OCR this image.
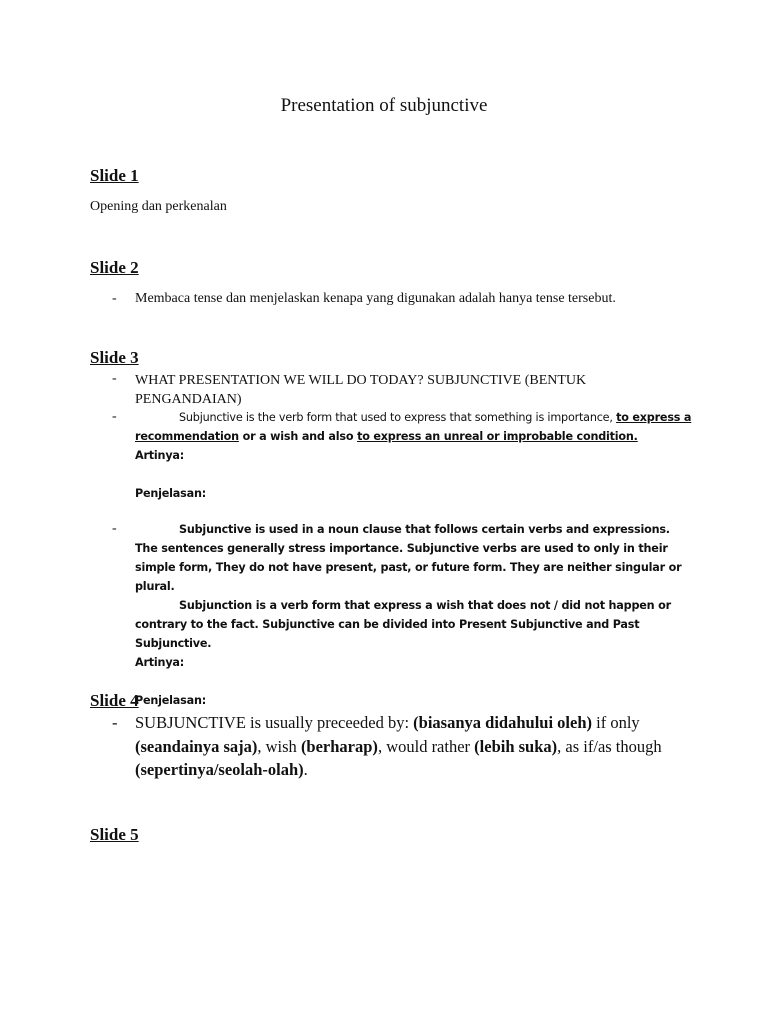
Presentation of subjunctive
Slide 1
Opening dan perkenalan
Slide 2
- Membaca tense dan menjelaskan kenapa yang digunakan adalah hanya tense tersebut.
Slide 3
- WHAT PRESENTATION WE WILL DO TODAY? SUBJUNCTIVE (BENTUK PENGANDAIAN)
-	Subjunctive is the verb form that used to express that something is importance, to express a recommendation or a wish and also to express an unreal or improbable condition.
Artinya:
Penjelasan:
-	Subjunctive is used in a noun clause that follows certain verbs and expressions. The sentences generally stress importance. Subjunctive verbs are used to only in their simple form, They do not have present, past, or future form. They are neither singular or plural.
Subjunction is a verb form that express a wish that does not / did not happen or contrary to the fact. Subjunctive can be divided into Present Subjunctive and Past Subjunctive.
Artinya:
Penjelasan:
Slide 4
- SUBJUNCTIVE is usually preceeded by: (biasanya didahului oleh) if only (seandainya saja), wish (berharap), would rather (lebih suka), as if/as though (sepertinya/seolah-olah).
Slide 5
